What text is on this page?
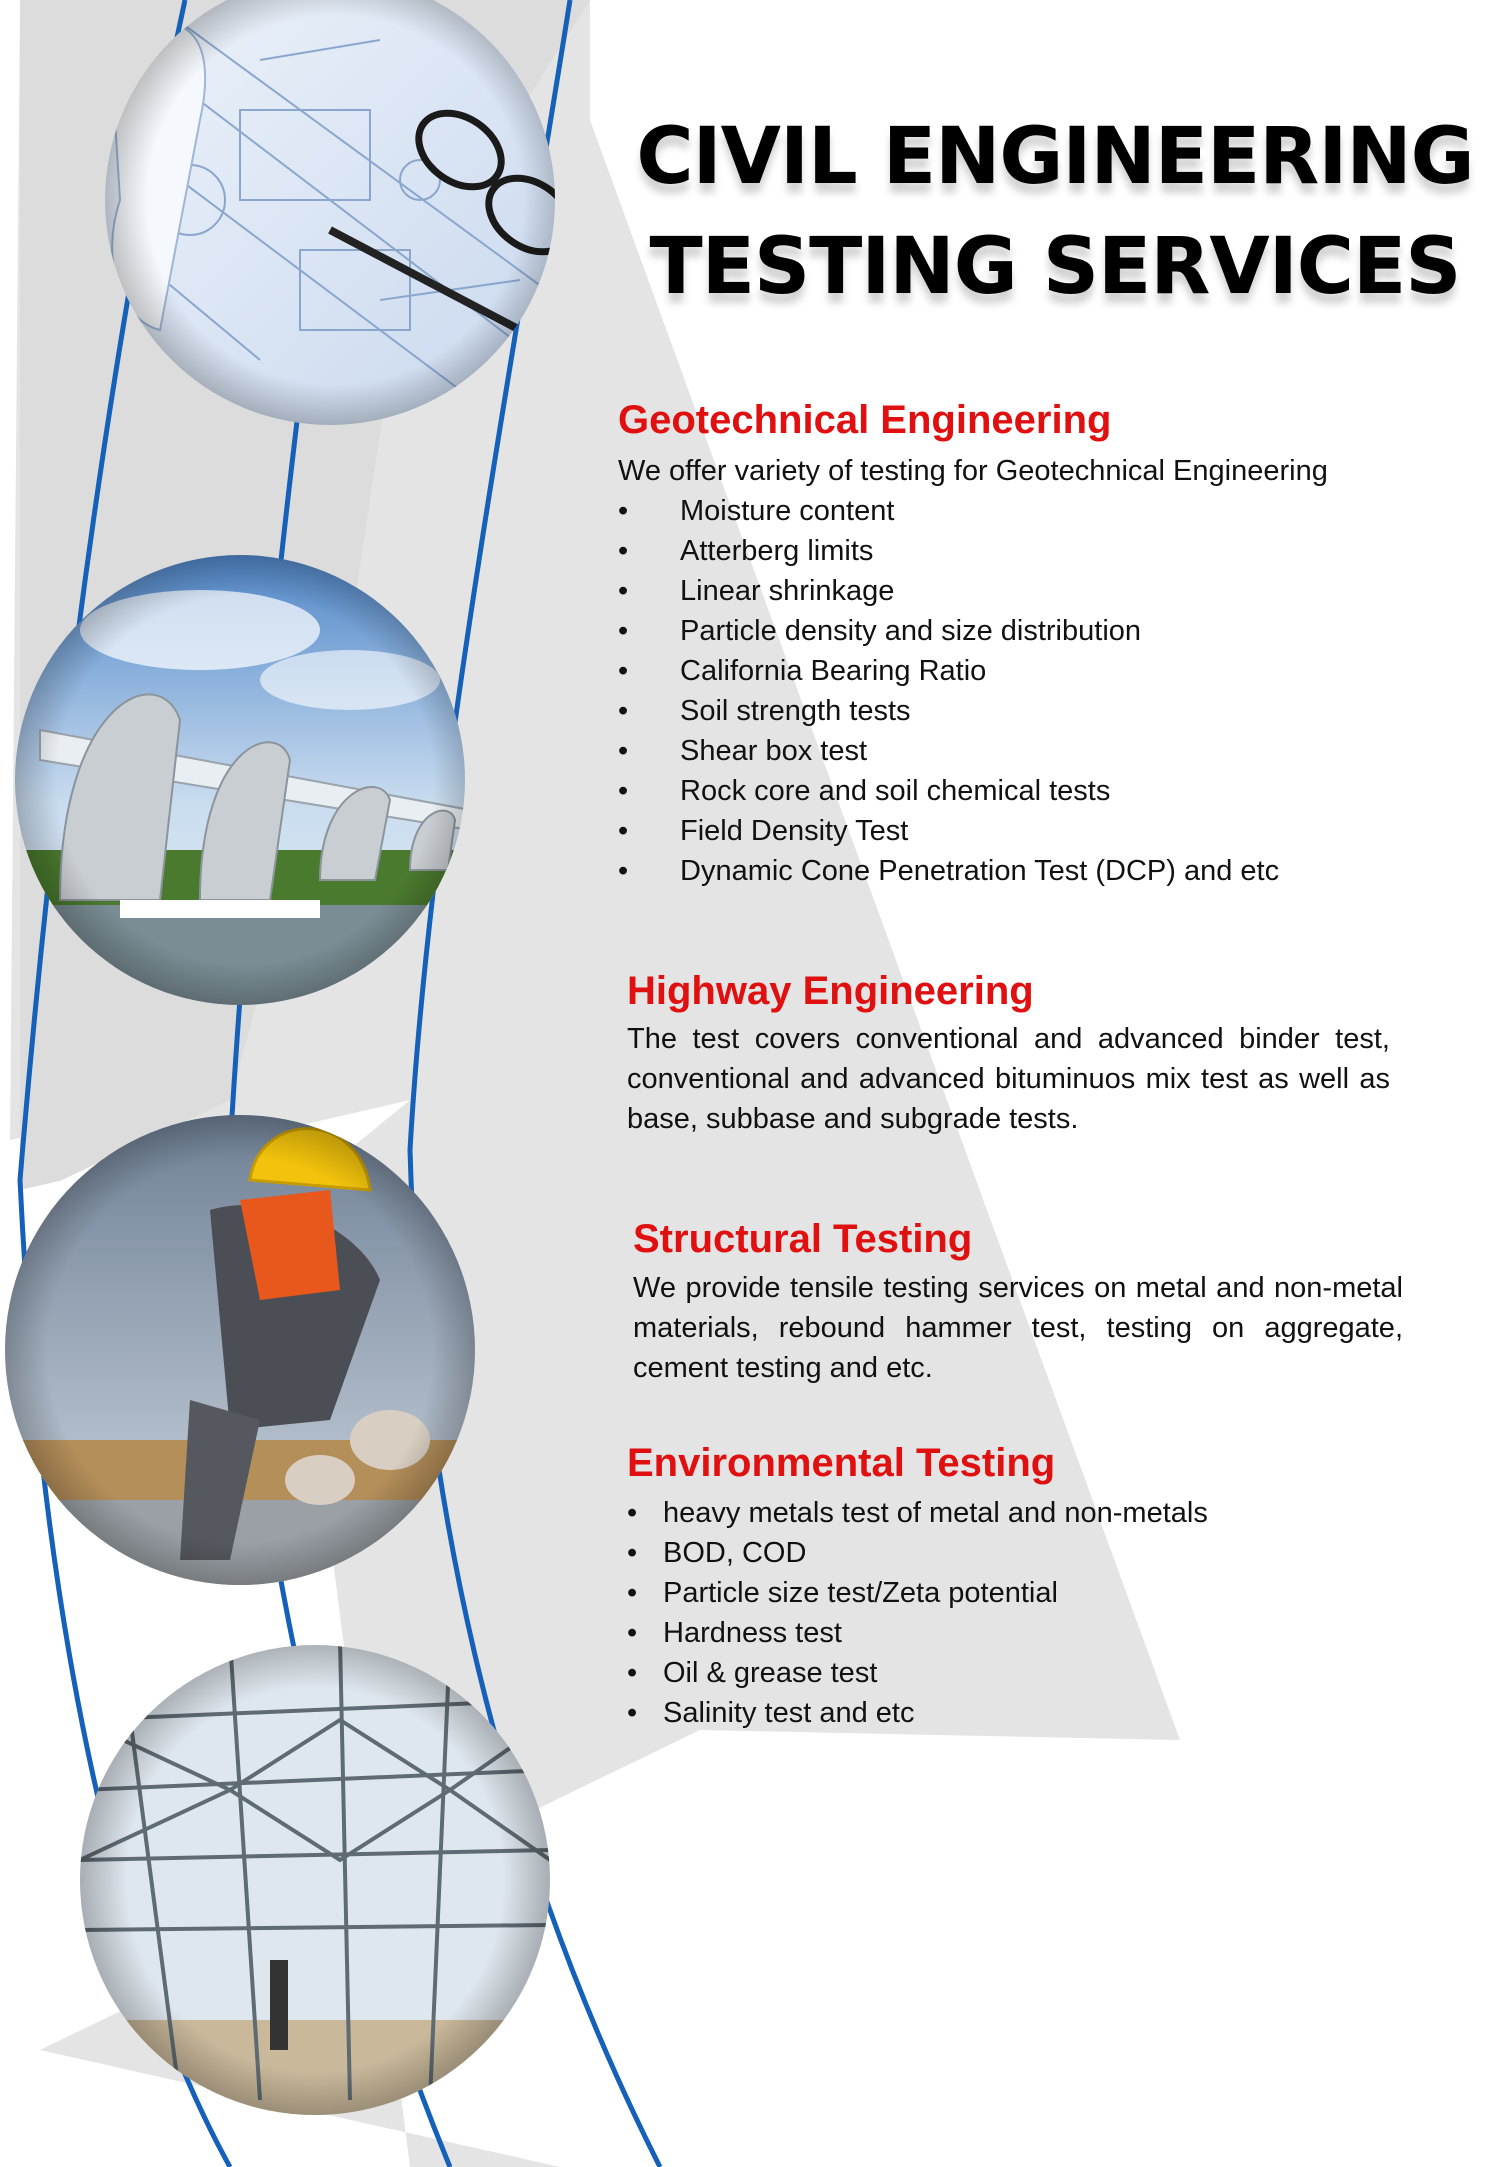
CIVIL ENGINEERING
TESTING SERVICES
Geotechnical Engineering
We offer variety of testing for Geotechnical Engineering
• Moisture content
• Atterberg limits
• Linear shrinkage
• Particle density and size distribution
• California Bearing Ratio
• Soil strength tests
• Shear box test
• Rock core and soil chemical tests
• Field Density Test
• Dynamic Cone Penetration Test (DCP) and etc
Highway Engineering
The test covers conventional and advanced binder test, conventional and advanced bituminuos mix test as well as base, subbase and subgrade tests.
Structural Testing
We provide tensile testing services on metal and non-metal materials, rebound hammer test, testing on aggregate, cement testing and etc.
Environmental Testing
• heavy metals test of metal and non-metals
• BOD, COD
• Particle size test/Zeta potential
• Hardness test
• Oil & grease test
• Salinity test and etc
